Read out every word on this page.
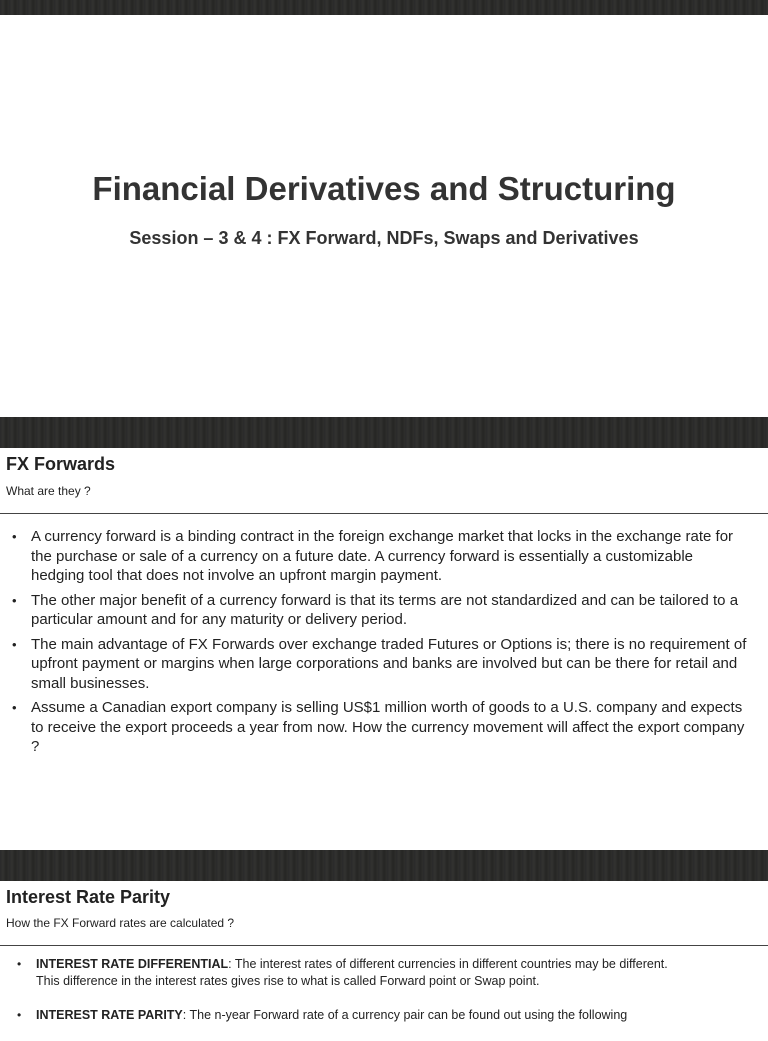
Financial Derivatives and Structuring
Session – 3 & 4 : FX Forward, NDFs, Swaps and Derivatives
FX Forwards

What are they ?

• A currency forward is a binding contract in the foreign exchange market that locks in the exchange rate for the purchase or sale of a currency on a future date. A currency forward is essentially a customizable hedging tool that does not involve an upfront margin payment.
• The other major benefit of a currency forward is that its terms are not standardized and can be tailored to a particular amount and for any maturity or delivery period.
• The main advantage of FX Forwards over exchange traded Futures or Options is; there is no requirement of upfront payment or margins when large corporations and banks are involved but can be there for retail and small businesses.
• Assume a Canadian export company is selling US$1 million worth of goods to a U.S. company and expects to receive the export proceeds a year from now. How the currency movement will affect the export company ?
Interest Rate Parity

How the FX Forward rates are calculated ?

• INTEREST RATE DIFFERENTIAL: The interest rates of different currencies in different countries may be different. This difference in the interest rates gives rise to what is called Forward point or Swap point.
• INTEREST RATE PARITY: The n-year Forward rate of a currency pair can be found out using the following
